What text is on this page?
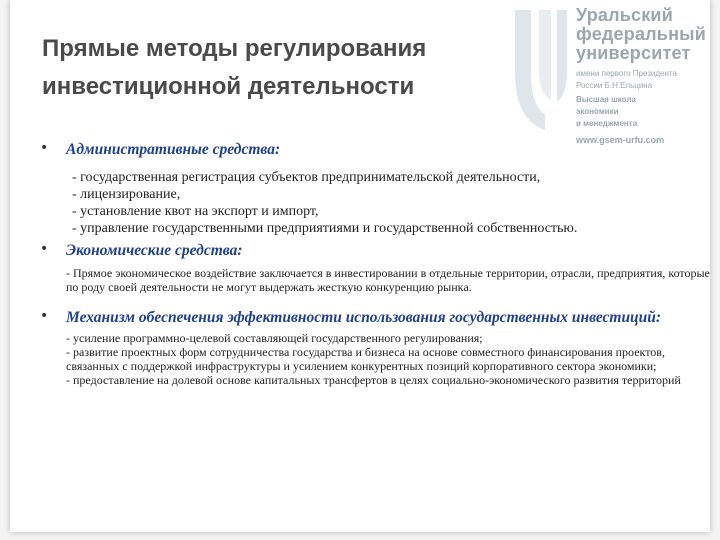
Уральский
федеральный
университет
имени первого Президента
России Б.Н.Ельцина
Высшая школа
экономики
и менеджмента
www.gsem-urfu.com
Прямые методы регулирования
инвестиционной деятельности
• Административные средства:
- государственная регистрация субъектов предпринимательской деятельности,
- лицензирование,
- установление квот на экспорт и импорт,
- управление государственными предприятиями и государственной собственностью.
• Экономические средства:
- Прямое экономическое воздействие заключается в инвестировании в отдельные территории, отрасли, предприятия, которые по роду своей деятельности не могут выдержать жесткую конкуренцию рынка.
• Механизм обеспечения эффективности использования государственных инвестиций:
- усиление программно-целевой составляющей государственного регулирования;
- развитие проектных форм сотрудничества государства и бизнеса на основе совместного финансирования проектов, связанных с поддержкой инфраструктуры и усилением конкурентных позиций корпоративного сектора экономики;
- предоставление на долевой основе капитальных трансфертов в целях социально-экономического развития территорий
